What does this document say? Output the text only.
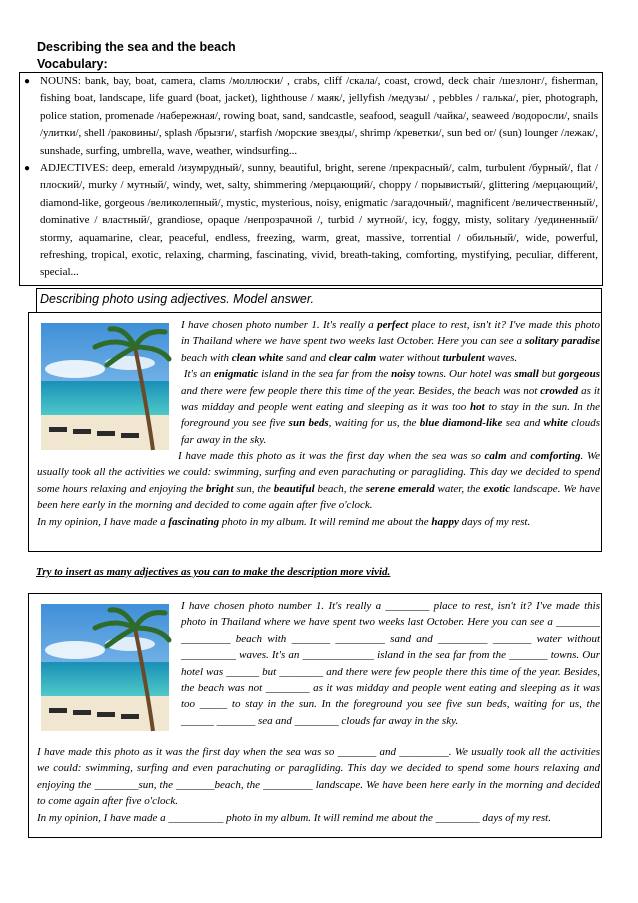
Describing the sea and the beach
Vocabulary:
● NOUNS: bank, bay, boat, camera, clams /моллюски/ , crabs, cliff /скала/, coast, crowd, deck chair /шезлонг/, fisherman, fishing boat, landscape, life guard (boat, jacket), lighthouse / маяк/, jellyfish /медузы/ , pebbles / галька/, pier, photograph, police station, promenade /набережная/, rowing boat, sand, sandcastle, seafood, seagull /чайка/, seaweed /водоросли/, snails /улитки/, shell /раковины/, splash /брызги/, starfish /морские звезды/, shrimp /креветки/, sun bed or/ (sun) lounger /лежак/, sunshade, surfing, umbrella, wave, weather, windsurfing...
● ADJECTIVES: deep, emerald /изумрудный/, sunny, beautiful, bright, serene /прекрасный/, calm, turbulent /бурный/, flat / плоский/, murky / мутный/, windy, wet, salty, shimmering /мерцающий/, choppy / порывистый/, glittering /мерцающий/, diamond-like, gorgeous /великолепный/, mystic, mysterious, noisy, enigmatic /загадочный/, magnificent /величественный/, dominative / властный/, grandiose, opaque /непрозрачной /, turbid / мутной/, icy, foggy, misty, solitary /уединенный/ stormy, aquamarine, clear, peaceful, endless, freezing, warm, great, massive, torrential / обильный/, wide, powerful, refreshing, tropical, exotic, relaxing, charming, fascinating, vivid, breath-taking, comforting, mystifying, peculiar, different, special...
Describing photo using adjectives. Model answer.
I have chosen photo number 1. It's really a perfect place to rest, isn't it? I've made this photo in Thailand where we have spent two weeks last October. Here you can see a solitary paradise beach with clean white sand and clear calm water without turbulent waves.
It's an enigmatic island in the sea far from the noisy towns. Our hotel was small but gorgeous and there were few people there this time of the year. Besides, the beach was not crowded as it was midday and people went eating and sleeping as it was too hot to stay in the sun. In the foreground you see five sun beds, waiting for us, the blue diamond-like sea and white clouds far away in the sky.
I have made this photo as it was the first day when the sea was so calm and comforting. We usually took all the activities we could: swimming, surfing and even parachuting or paragliding. This day we decided to spend some hours relaxing and enjoying the bright sun, the beautiful beach, the serene emerald water, the exotic landscape. We have been here early in the morning and decided to come again after five o'clock.
In my opinion, I have made a fascinating photo in my album. It will remind me about the happy days of my rest.
Try to insert as many adjectives as you can to make the description more vivid.
I have chosen photo number 1. It's really a ________ place to rest, isn't it? I've made this photo in Thailand where we have spent two weeks last October. Here you can see a ________ _________ beach with _______ _________ sand and _________ _______ water without __________ waves. It's an _____________ island in the sea far from the _______ towns. Our hotel was ______ but ________ and there were few people there this time of the year. Besides, the beach was not ________ as it was midday and people went eating and sleeping as it was too _____ to stay in the sun. In the foreground you see five sun beds, waiting for us, the ______ _______ sea and ________ clouds far away in the sky.
I have made this photo as it was the first day when the sea was so _______ and _________. We usually took all the activities we could: swimming, surfing and even parachuting or paragliding. This day we decided to spend some hours relaxing and enjoying the ________sun, the _______beach, the _________ landscape. We have been here early in the morning and decided to come again after five o'clock.
In my opinion, I have made a __________ photo in my album. It will remind me about the ________ days of my rest.
